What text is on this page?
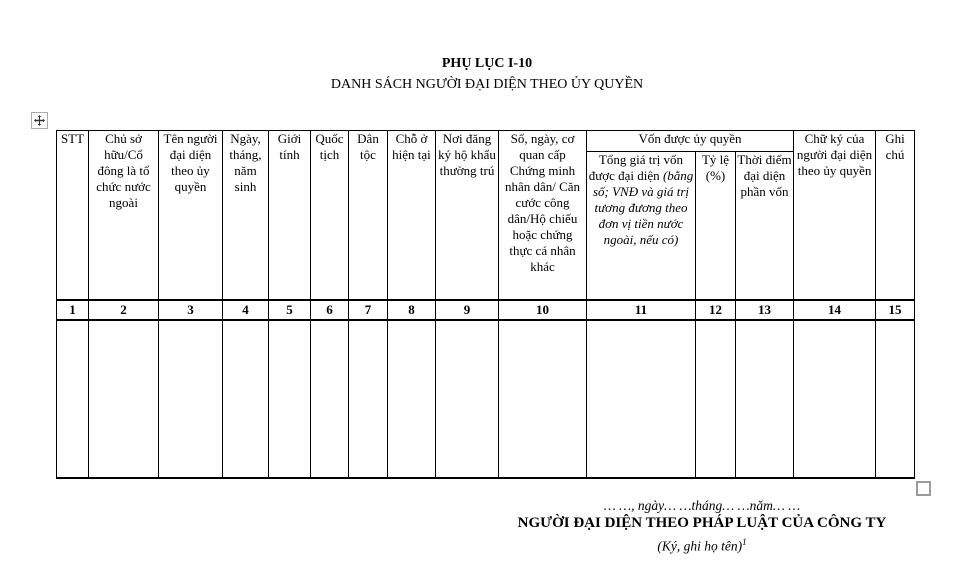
PHỤ LỤC I-10
DANH SÁCH NGƯỜI ĐẠI DIỆN THEO ỦY QUYỀN
STT	Chủ sở hữu/Cổ đông là tổ chức nước ngoài	Tên người đại diện theo ủy quyền	Ngày, tháng, năm sinh	Giới tính	Quốc tịch	Dân tộc	Chỗ ở hiện tại	Nơi đăng ký hộ khẩu thường trú	Số, ngày, cơ quan cấp Chứng minh nhân dân/ Căn cước công dân/Hộ chiếu hoặc chứng thực cá nhân khác	Vốn được ủy quyền			Chữ ký của người đại diện theo ủy quyền	Ghi chú
										Tổng giá trị vốn được đại diện (bằng số; VNĐ và giá trị tương đương theo đơn vị tiền nước ngoài, nếu có)	Tỷ lệ (%)	Thời điểm đại diện phần vốn		
1	2	3	4	5	6	7	8	9	10	11	12	13	14	15

… …, ngày… …tháng… …năm… …
NGƯỜI ĐẠI DIỆN THEO PHÁP LUẬT CỦA CÔNG TY
(Ký, ghi họ tên)$^1$
